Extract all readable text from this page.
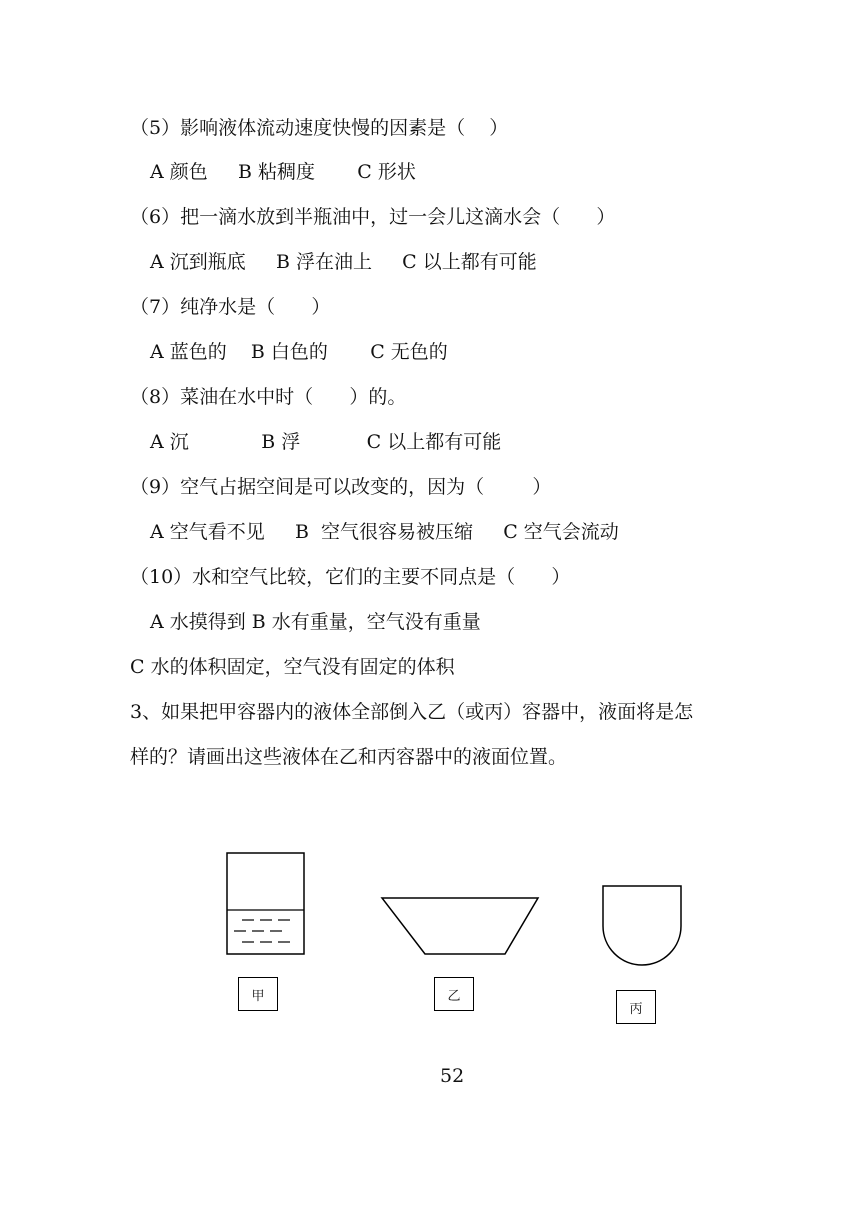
（5）影响液体流动速度快慢的因素是（    ）
A 颜色     B 粘稠度       C 形状
（6）把一滴水放到半瓶油中，过一会儿这滴水会（      ）
A 沉到瓶底     B 浮在油上     C 以上都有可能
（7）纯净水是（      ）
A 蓝色的    B 白色的       C 无色的
（8）菜油在水中时（      ）的。
A 沉            B 浮           C 以上都有可能
（9）空气占据空间是可以改变的，因为（        ）
A 空气看不见     B  空气很容易被压缩     C 空气会流动
（10）水和空气比较，它们的主要不同点是（      ）
A 水摸得到 B 水有重量，空气没有重量
C 水的体积固定，空气没有固定的体积
3、如果把甲容器内的液体全部倒入乙（或丙）容器中，液面将是怎
样的？请画出这些液体在乙和丙容器中的液面位置。
甲	乙
丙
52
